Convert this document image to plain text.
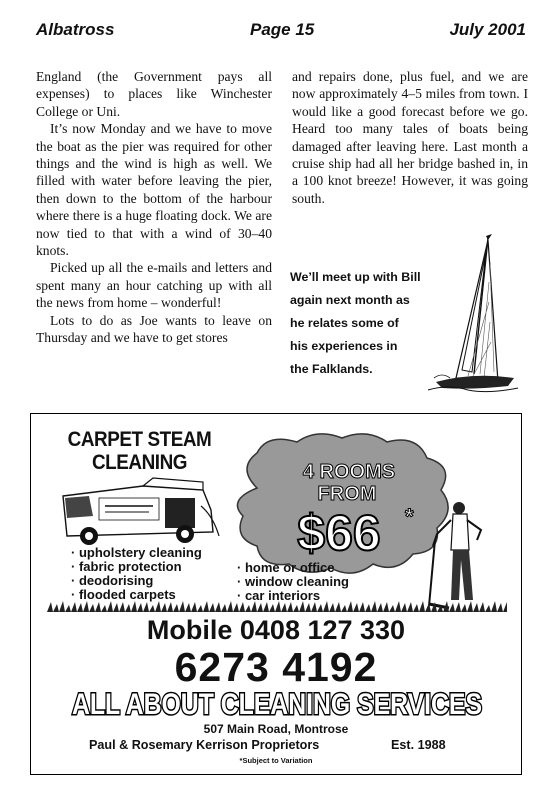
Albatross	Page 15	July 2001

England (the Government pays all expenses) to places like Winchester College or Uni.

It’s now Monday and we have to move the boat as the pier was required for other things and the wind is high as well. We filled with water before leaving the pier, then down to the bottom of the harbour where there is a huge floating dock. We are now tied to that with a wind of 30–40 knots.

Picked up all the e-mails and letters and spent many an hour catching up with all the news from home – wonderful!

Lots to do as Joe wants to leave on Thursday and we have to get stores

and repairs done, plus fuel, and we are now approximately 4–5 miles from town. I would like a good forecast before we go. Heard too many tales of boats being damaged after leaving here. Last month a cruise ship had all her bridge bashed in, in a 100 knot breeze! However, it was going south.

We’ll meet up with Bill
again next month as
he relates some of
his experiences in
the Falklands.
CARPET STEAM
CLEANING	4 ROOMS
FROM
$66 *
· upholstery cleaning
· fabric protection
· deodorising
· flooded carpets
· home or office
· window cleaning
· car interiors
Mobile 0408 127 330
6273 4192
ALL ABOUT CLEANING SERVICES
507 Main Road, Montrose
Paul & Rosemary Kerrison Proprietors	Est. 1988
*Subject to Variation
